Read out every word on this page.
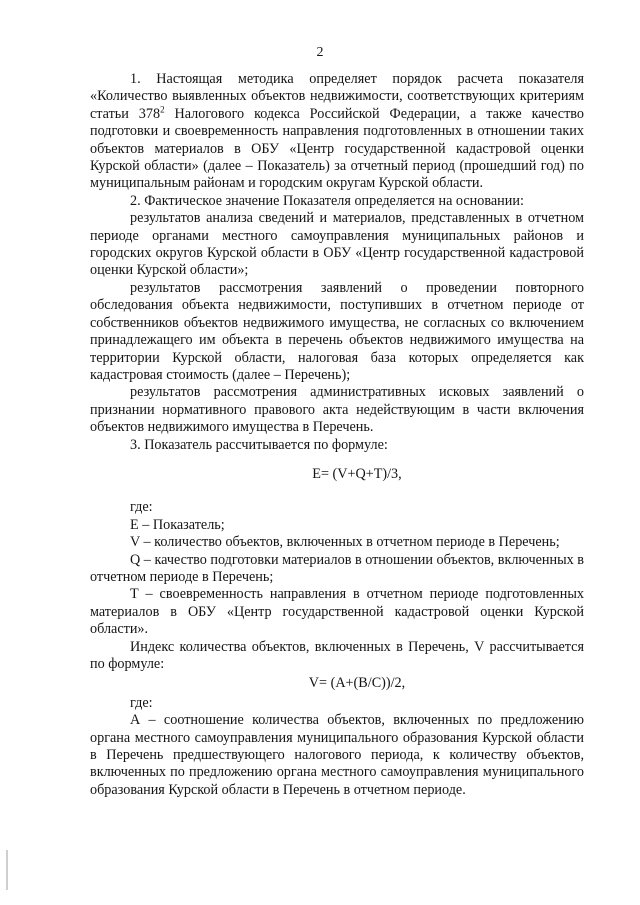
2

1. Настоящая методика определяет порядок расчета показателя «Количество выявленных объектов недвижимости, соответствующих критериям статьи $378^2$ Налогового кодекса Российской Федерации, а также качество подготовки и своевременность направления подготовленных в отношении таких объектов материалов в ОБУ «Центр государственной кадастровой оценки Курской области» (далее – Показатель) за отчетный период (прошедший год) по муниципальным районам и городским округам Курской области.

2. Фактическое значение Показателя определяется на основании:

результатов анализа сведений и материалов, представленных в отчетном периоде органами местного самоуправления муниципальных районов и городских округов Курской области в ОБУ «Центр государственной кадастровой оценки Курской области»;

результатов рассмотрения заявлений о проведении повторного обследования объекта недвижимости, поступивших в отчетном периоде от собственников объектов недвижимого имущества, не согласных со включением принадлежащего им объекта в перечень объектов недвижимого имущества на территории Курской области, налоговая база которых определяется как кадастровая стоимость (далее – Перечень);

результатов рассмотрения административных исковых заявлений о признании нормативного правового акта недействующим в части включения объектов недвижимого имущества в Перечень.

3. Показатель рассчитывается по формуле:

Е= (V+Q+T)/3,

где:

Е – Показатель;

V – количество объектов, включенных в отчетном периоде в Перечень;

Q – качество подготовки материалов в отношении объектов, включенных в отчетном периоде в Перечень;

Т – своевременность направления в отчетном периоде подготовленных материалов в ОБУ «Центр государственной кадастровой оценки Курской области».

Индекс количества объектов, включенных в Перечень, V рассчитывается по формуле:

V= (A+(B/C))/2,

где:

А – соотношение количества объектов, включенных по предложению органа местного самоуправления муниципального образования Курской области в Перечень предшествующего налогового периода, к количеству объектов, включенных по предложению органа местного самоуправления муниципального образования Курской области в Перечень в отчетном периоде.
